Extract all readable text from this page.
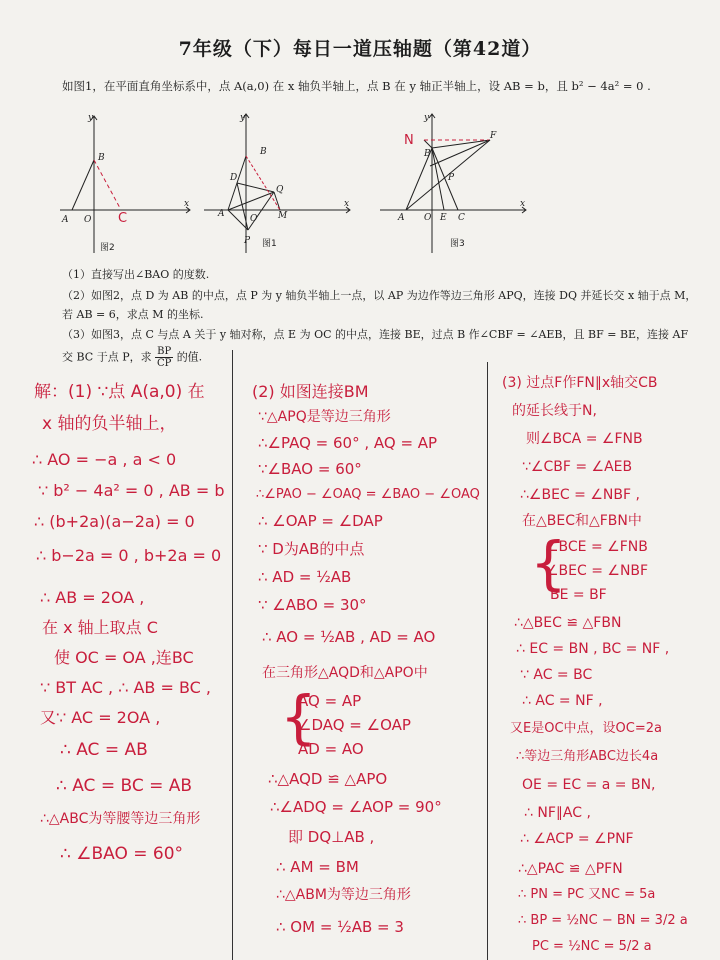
7年级（下）每日一道压轴题（第42道）
如图1，在平面直角坐标系中，点 A(a,0) 在 x 轴负半轴上，点 B 在 y 轴正半轴上，设 AB = b，且 b² − 4a² = 0 .
y
x
A O
B
C
图2
y
x
A	O
B
D
Q
M
P 图1
y
x
A O E C
B
F
P
N
图3
（1）直接写出∠BAO 的度数.
（2）如图2，点 D 为 AB 的中点，点 P 为 y 轴负半轴上一点，以 AP 为边作等边三角形 APQ，连接 DQ 并延长交 x 轴于点 M，
若 AB = 6，求点 M 的坐标.
（3）如图3，点 C 与点 A 关于 y 轴对称，点 E 为 OC 的中点，连接 BE，过点 B 作∠CBF = ∠AEB，且 BF = BE，连接 AF
交 BC 于点 P，求 $\frac{BP}{CP}$ 的值.
解：(1) ∵点 A(a,0) 在
x 轴的负半轴上，
∴ AO = −a , a < 0
∵ b² − 4a² = 0 , AB = b
∴ (b+2a)(a−2a) = 0
∴ b−2a = 0 , b+2a = 0
∴ AB = 2OA ,
在 x 轴上取点 C
使 OC = OA ,连BC
∵ BT AC , ∴ AB = BC ,
又∵ AC = 2OA ,
∴ AC = AB
∴ AC = BC = AB
∴△ABC为等腰等边三角形
∴ ∠BAO = 60°
(2) 如图连接BM
∵△APQ是等边三角形
∴∠PAQ = 60° , AQ = AP
∵∠BAO = 60°
∴∠PAO − ∠OAQ = ∠BAO − ∠OAQ
∴ ∠OAP = ∠DAP
∵ D为AB的中点
∴ AD = ½AB
∵ ∠ABO = 30°
∴ AO = ½AB , AD = AO
在三角形△AQD和△APO中
{
AQ = AP
∠DAQ = ∠OAP
AD = AO
∴△AQD ≌ △APO
∴∠ADQ = ∠AOP = 90°
即 DQ⊥AB ,
∴ AM = BM
∴△ABM为等边三角形
∴ OM = ½AB = 3
(3) 过点F作FN∥x轴交CB
的延长线于N,
则∠BCA = ∠FNB
∵∠CBF = ∠AEB
∴∠BEC = ∠NBF ,
在△BEC和△FBN中
{
∠BCE = ∠FNB
∠BEC = ∠NBF
BE = BF
∴△BEC ≌ △FBN
∴ EC = BN , BC = NF ,
∵ AC = BC
∴ AC = NF ,
又E是OC中点，设OC=2a
∴等边三角形ABC边长4a
OE = EC = a = BN,
∴ NF∥AC ,
∴ ∠ACP = ∠PNF
∴△PAC ≌ △PFN
∴ PN = PC 又NC = 5a
∴ BP = ½NC − BN = 3/2 a
PC = ½NC = 5/2 a
